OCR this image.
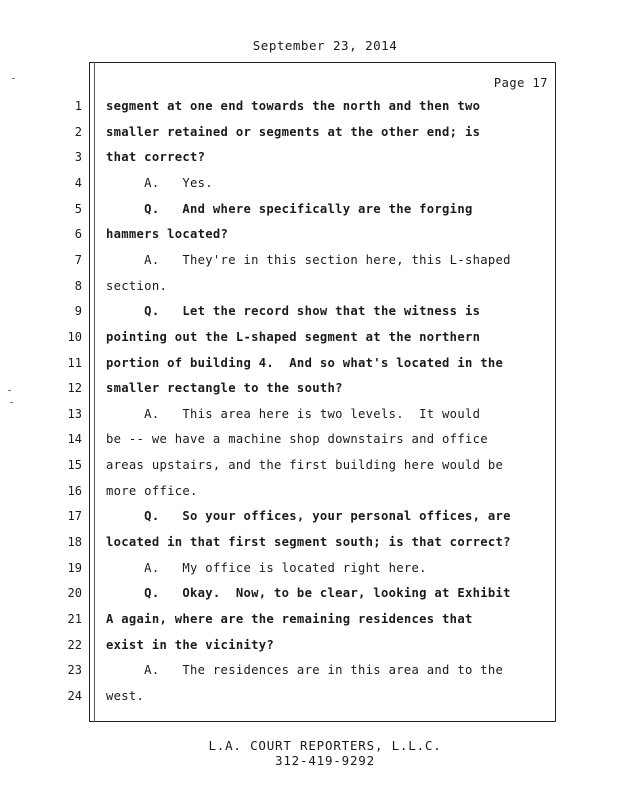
September 23, 2014
Page 17
1 segment at one end towards the north and then two
2 smaller retained or segments at the other end; is
3 that correct?
4 A.   Yes.
5 Q.   And where specifically are the forging
6 hammers located?
7 A.   They're in this section here, this L-shaped
8 section.
9 Q.   Let the record show that the witness is
10 pointing out the L-shaped segment at the northern
11 portion of building 4.  And so what's located in the
12 smaller rectangle to the south?
13 A.   This area here is two levels.  It would
14 be -- we have a machine shop downstairs and office
15 areas upstairs, and the first building here would be
16 more office.
17 Q.   So your offices, your personal offices, are
18 located in that first segment south; is that correct?
19 A.   My office is located right here.
20 Q.   Okay.  Now, to be clear, looking at Exhibit
21 A again, where are the remaining residences that
22 exist in the vicinity?
23 A.   The residences are in this area and to the
24 west.
L.A. COURT REPORTERS, L.L.C.
312-419-9292
